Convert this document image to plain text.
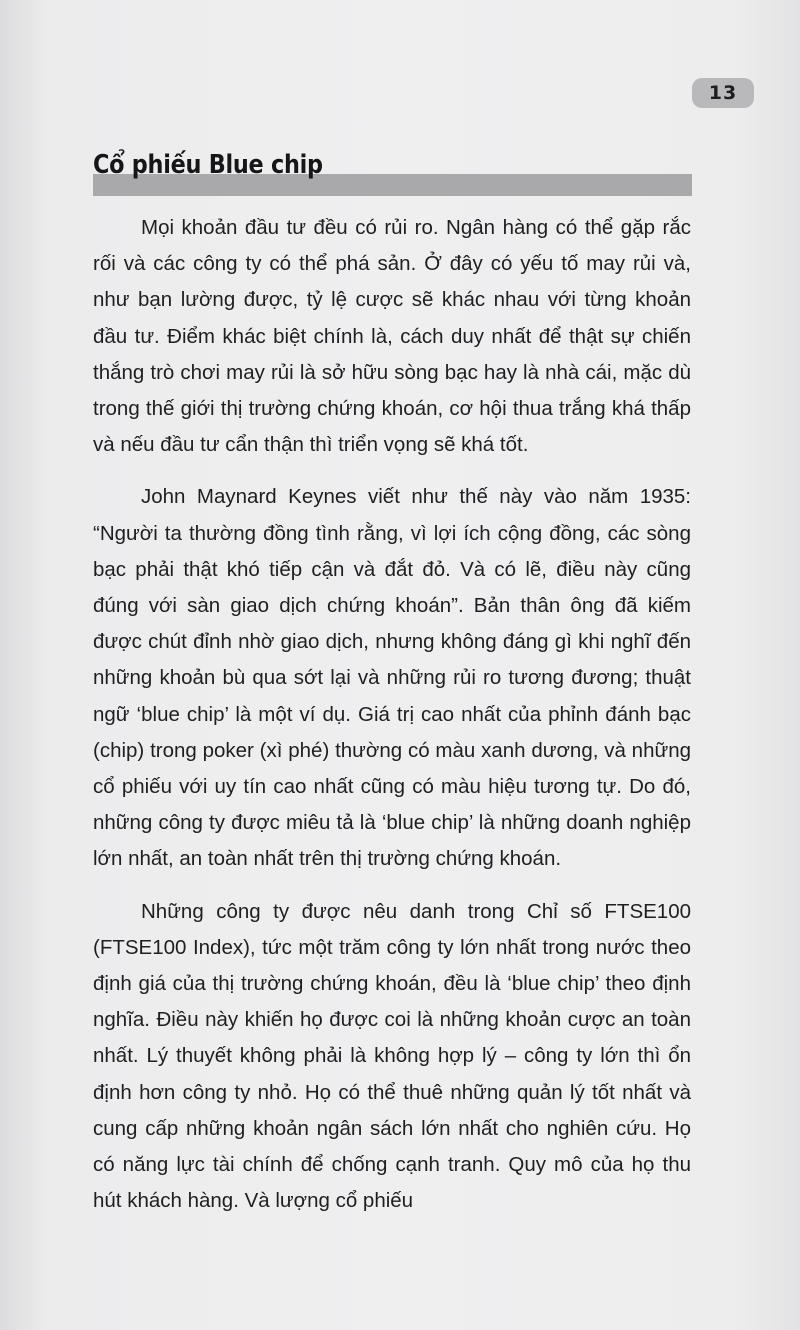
13
Cổ phiếu Blue chip

Mọi khoản đầu tư đều có rủi ro. Ngân hàng có thể gặp rắc rối và các công ty có thể phá sản. Ở đây có yếu tố may rủi và, như bạn lường được, tỷ lệ cược sẽ khác nhau với từng khoản đầu tư. Điểm khác biệt chính là, cách duy nhất để thật sự chiến thắng trò chơi may rủi là sở hữu sòng bạc hay là nhà cái, mặc dù trong thế giới thị trường chứng khoán, cơ hội thua trắng khá thấp và nếu đầu tư cẩn thận thì triển vọng sẽ khá tốt.

John Maynard Keynes viết như thế này vào năm 1935: “Người ta thường đồng tình rằng, vì lợi ích cộng đồng, các sòng bạc phải thật khó tiếp cận và đắt đỏ. Và có lẽ, điều này cũng đúng với sàn giao dịch chứng khoán”. Bản thân ông đã kiếm được chút đỉnh nhờ giao dịch, nhưng không đáng gì khi nghĩ đến những khoản bù qua sớt lại và những rủi ro tương đương; thuật ngữ ‘blue chip’ là một ví dụ. Giá trị cao nhất của phỉnh đánh bạc (chip) trong poker (xì phé) thường có màu xanh dương, và những cổ phiếu với uy tín cao nhất cũng có màu hiệu tương tự. Do đó, những công ty được miêu tả là ‘blue chip’ là những doanh nghiệp lớn nhất, an toàn nhất trên thị trường chứng khoán.

Những công ty được nêu danh trong Chỉ số FTSE100 (FTSE100 Index), tức một trăm công ty lớn nhất trong nước theo định giá của thị trường chứng khoán, đều là ‘blue chip’ theo định nghĩa. Điều này khiến họ được coi là những khoản cược an toàn nhất. Lý thuyết không phải là không hợp lý – công ty lớn thì ổn định hơn công ty nhỏ. Họ có thể thuê những quản lý tốt nhất và cung cấp những khoản ngân sách lớn nhất cho nghiên cứu. Họ có năng lực tài chính để chống cạnh tranh. Quy mô của họ thu hút khách hàng. Và lượng cổ phiếu
